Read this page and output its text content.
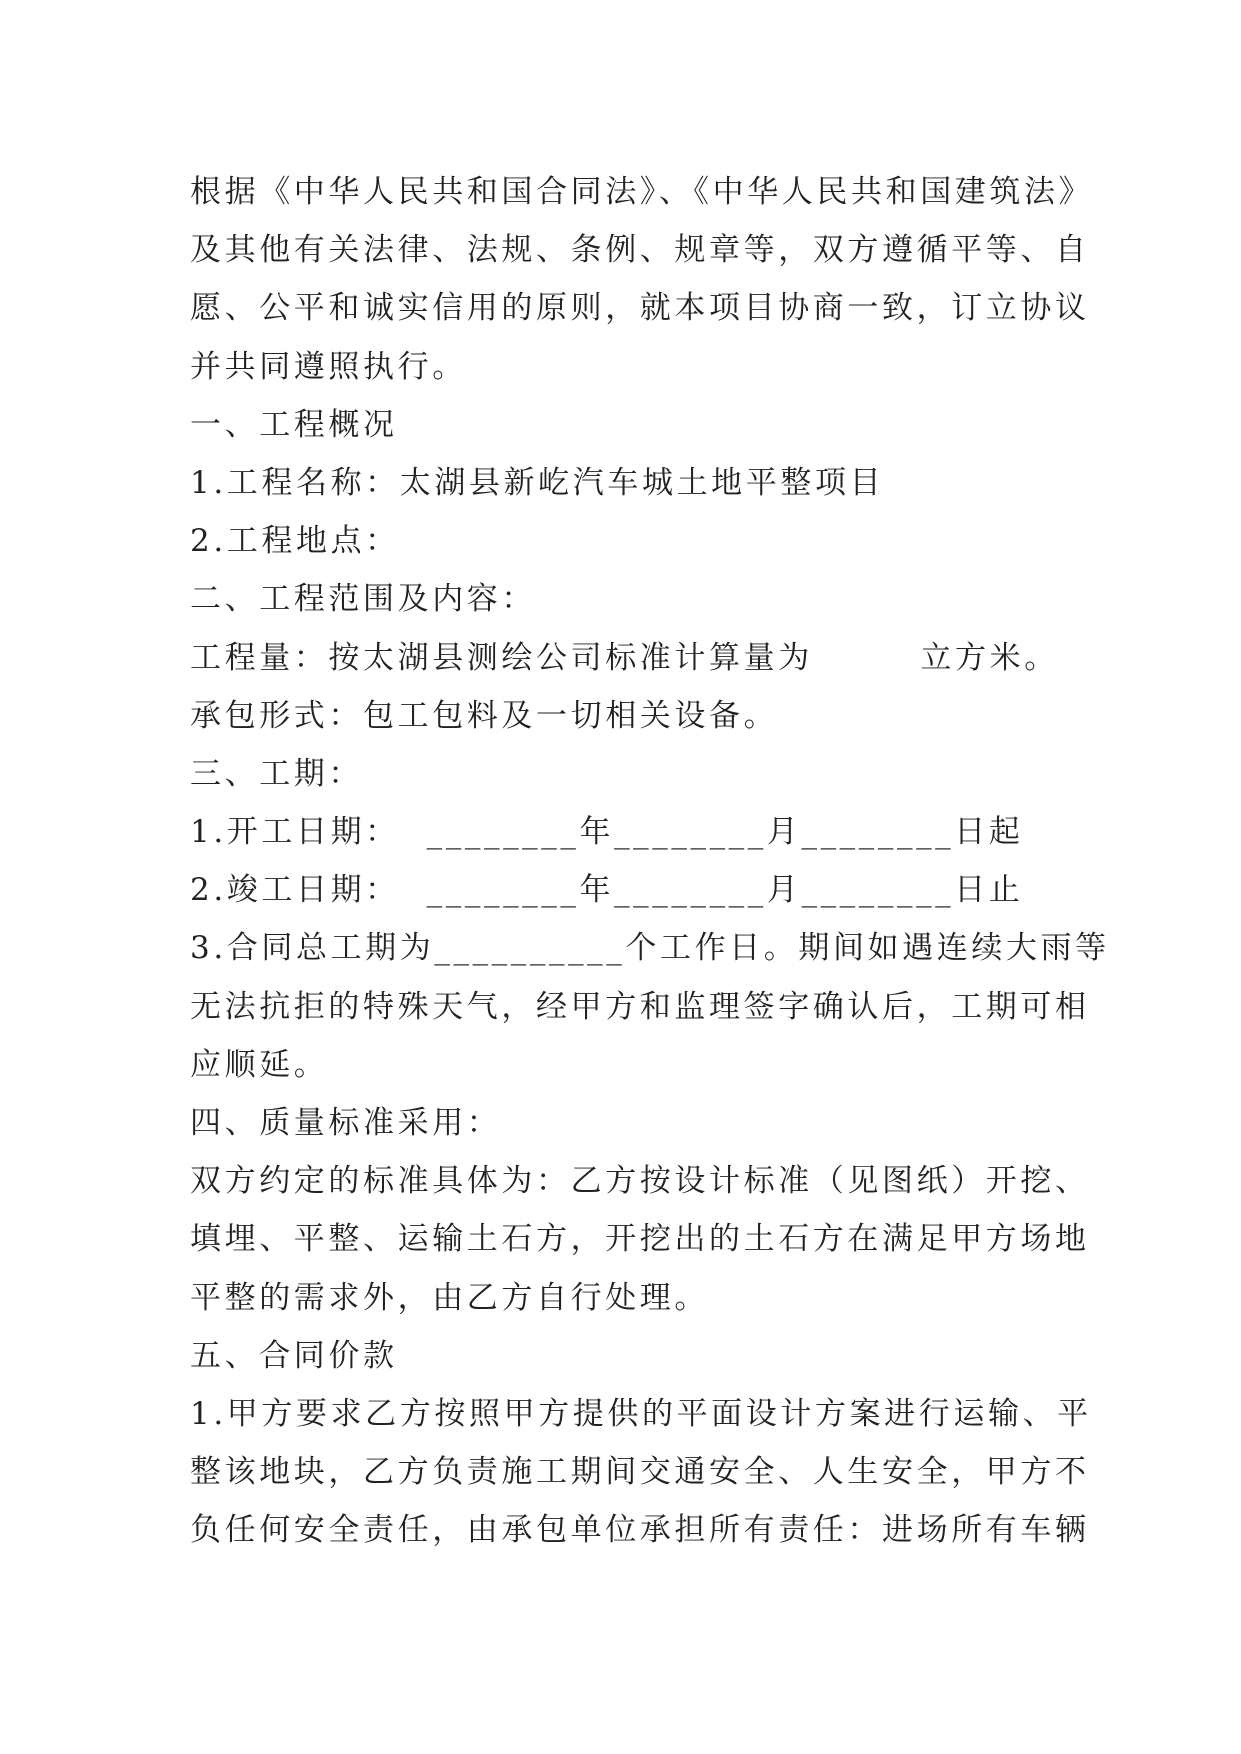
根据《中华人民共和国合同法》、《中华人民共和国建筑法》
及其他有关法律、法规、条例、规章等，双方遵循平等、自
愿、公平和诚实信用的原则，就本项目协商一致，订立协议
并共同遵照执行。
一、工程概况
1.工程名称：太湖县新屹汽车城土地平整项目
2.工程地点：
二、工程范围及内容：
工程量：按太湖县测绘公司标准计算量为        立方米。
承包形式：包工包料及一切相关设备。
三、工期：
1.开工日期：  ________年________月________日起
2.竣工日期：  ________年________月________日止
3.合同总工期为__________个工作日。期间如遇连续大雨等
无法抗拒的特殊天气，经甲方和监理签字确认后，工期可相
应顺延。
四、质量标准采用：
双方约定的标准具体为：乙方按设计标准（见图纸）开挖、
填埋、平整、运输土石方，开挖出的土石方在满足甲方场地
平整的需求外，由乙方自行处理。
五、合同价款
1.甲方要求乙方按照甲方提供的平面设计方案进行运输、平
整该地块，乙方负责施工期间交通安全、人生安全，甲方不
负任何安全责任，由承包单位承担所有责任：进场所有车辆
